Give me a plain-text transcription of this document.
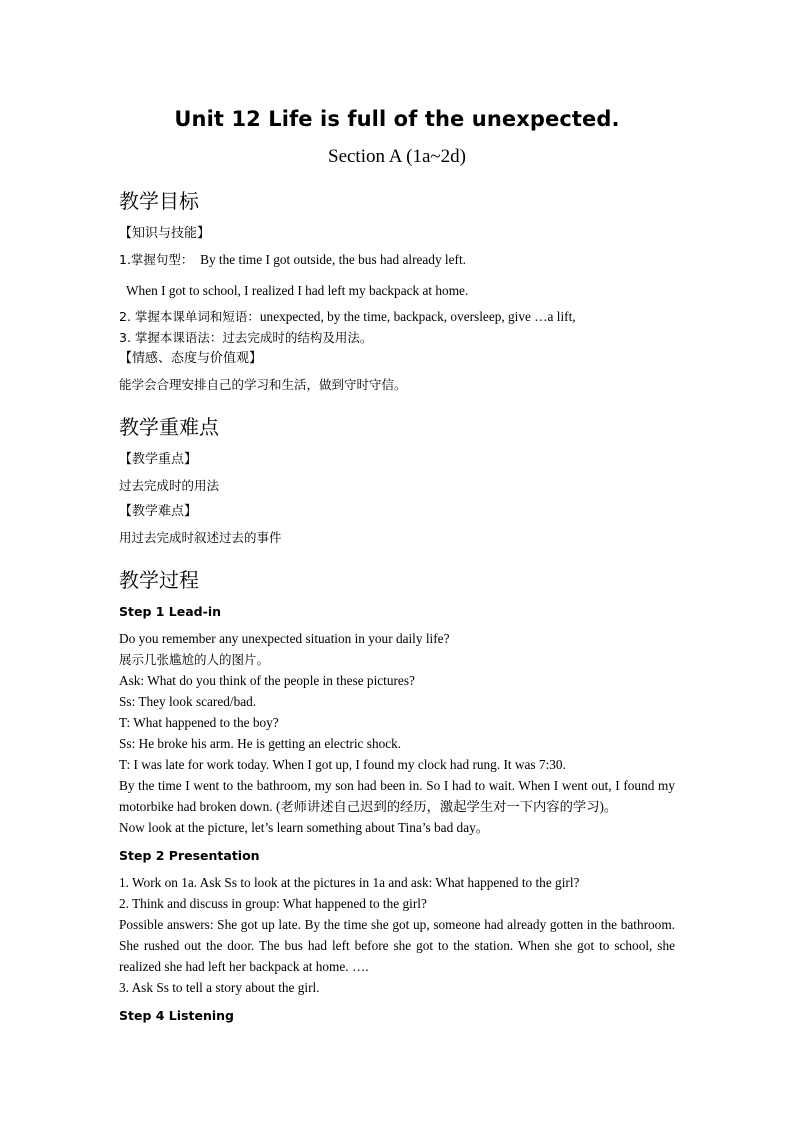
Unit 12 Life is full of the unexpected.
Section A (1a~2d)
教学目标
【知识与技能】

1.掌握句型： By the time I got outside, the bus had already left.

When I got to school, I realized I had left my backpack at home.

2. 掌握本课单词和短语：unexpected, by the time, backpack, oversleep, give …a lift,

3. 掌握本课语法：过去完成时的结构及用法。

【情感、态度与价值观】

能学会合理安排自己的学习和生活，做到守时守信。

教学重难点
【教学重点】

过去完成时的用法

【教学难点】

用过去完成时叙述过去的事件

教学过程
Step 1 Lead-in

Do you remember any unexpected situation in your daily life?

展示几张尴尬的人的图片。

Ask: What do you think of the people in these pictures?

Ss: They look scared/bad.

T: What happened to the boy?

Ss: He broke his arm. He is getting an electric shock.

T: I was late for work today. When I got up, I found my clock had rung. It was 7:30.

By the time I went to the bathroom, my son had been in. So I had to wait. When I went out, I found my motorbike had broken down. (老师讲述自己迟到的经历，激起学生对一下内容的学习)。

Now look at the picture, let’s learn something about Tina’s bad day。

Step 2 Presentation

1. Work on 1a. Ask Ss to look at the pictures in 1a and ask: What happened to the girl?

2. Think and discuss in group: What happened to the girl?

Possible answers: She got up late. By the time she got up, someone had already gotten in the bathroom. She rushed out the door. The bus had left before she got to the station. When she got to school, she realized she had left her backpack at home. ….

3. Ask Ss to tell a story about the girl.

Step 4 Listening
